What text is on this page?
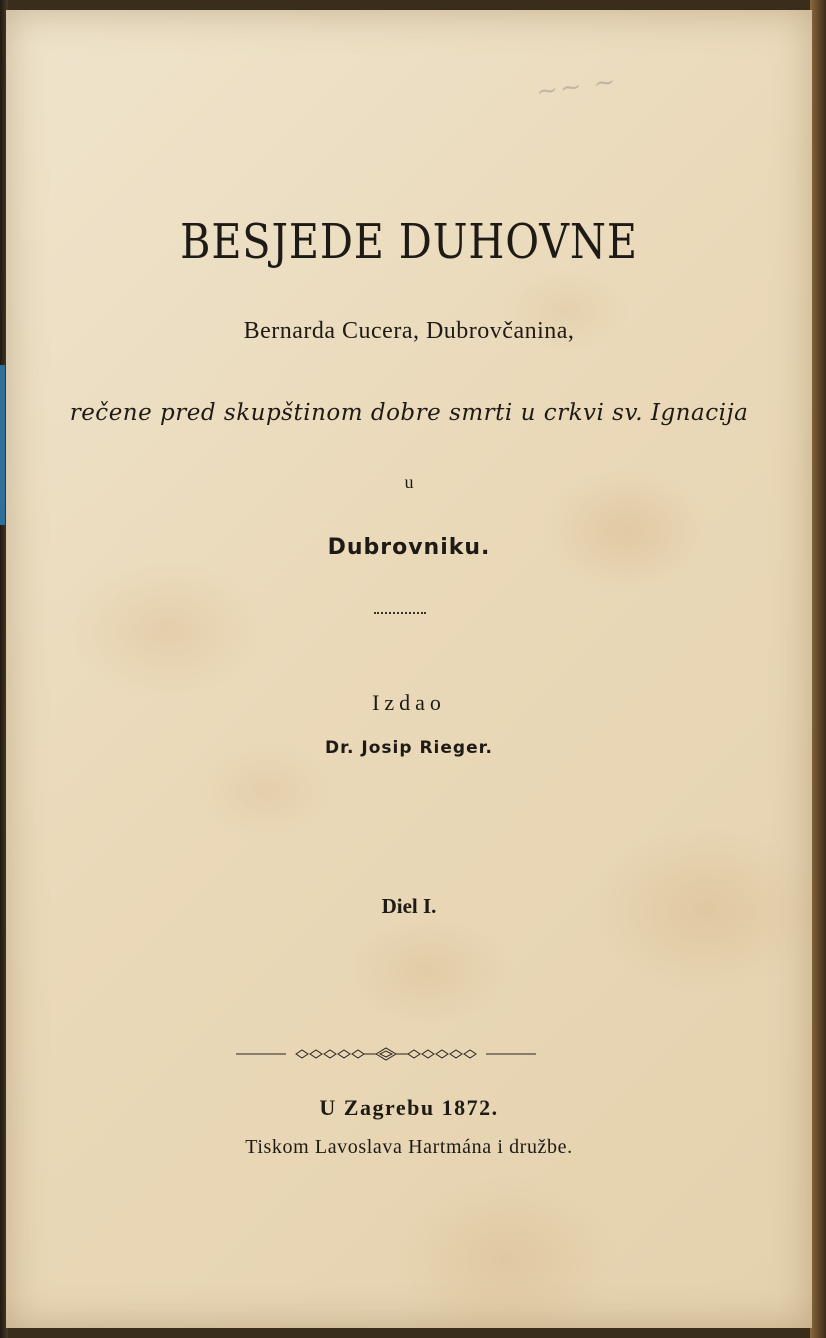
~~ ~
BESJEDE DUHOVNE
Bernarda Cucera, Dubrovčanina,
rečene pred skupštinom dobre smrti u crkvi sv. Ignacija
u
Dubrovniku.
Izdao
Dr. Josip Rieger.
Diel I.
U Zagrebu 1872.
Tiskom Lavoslava Hartmána i družbe.
